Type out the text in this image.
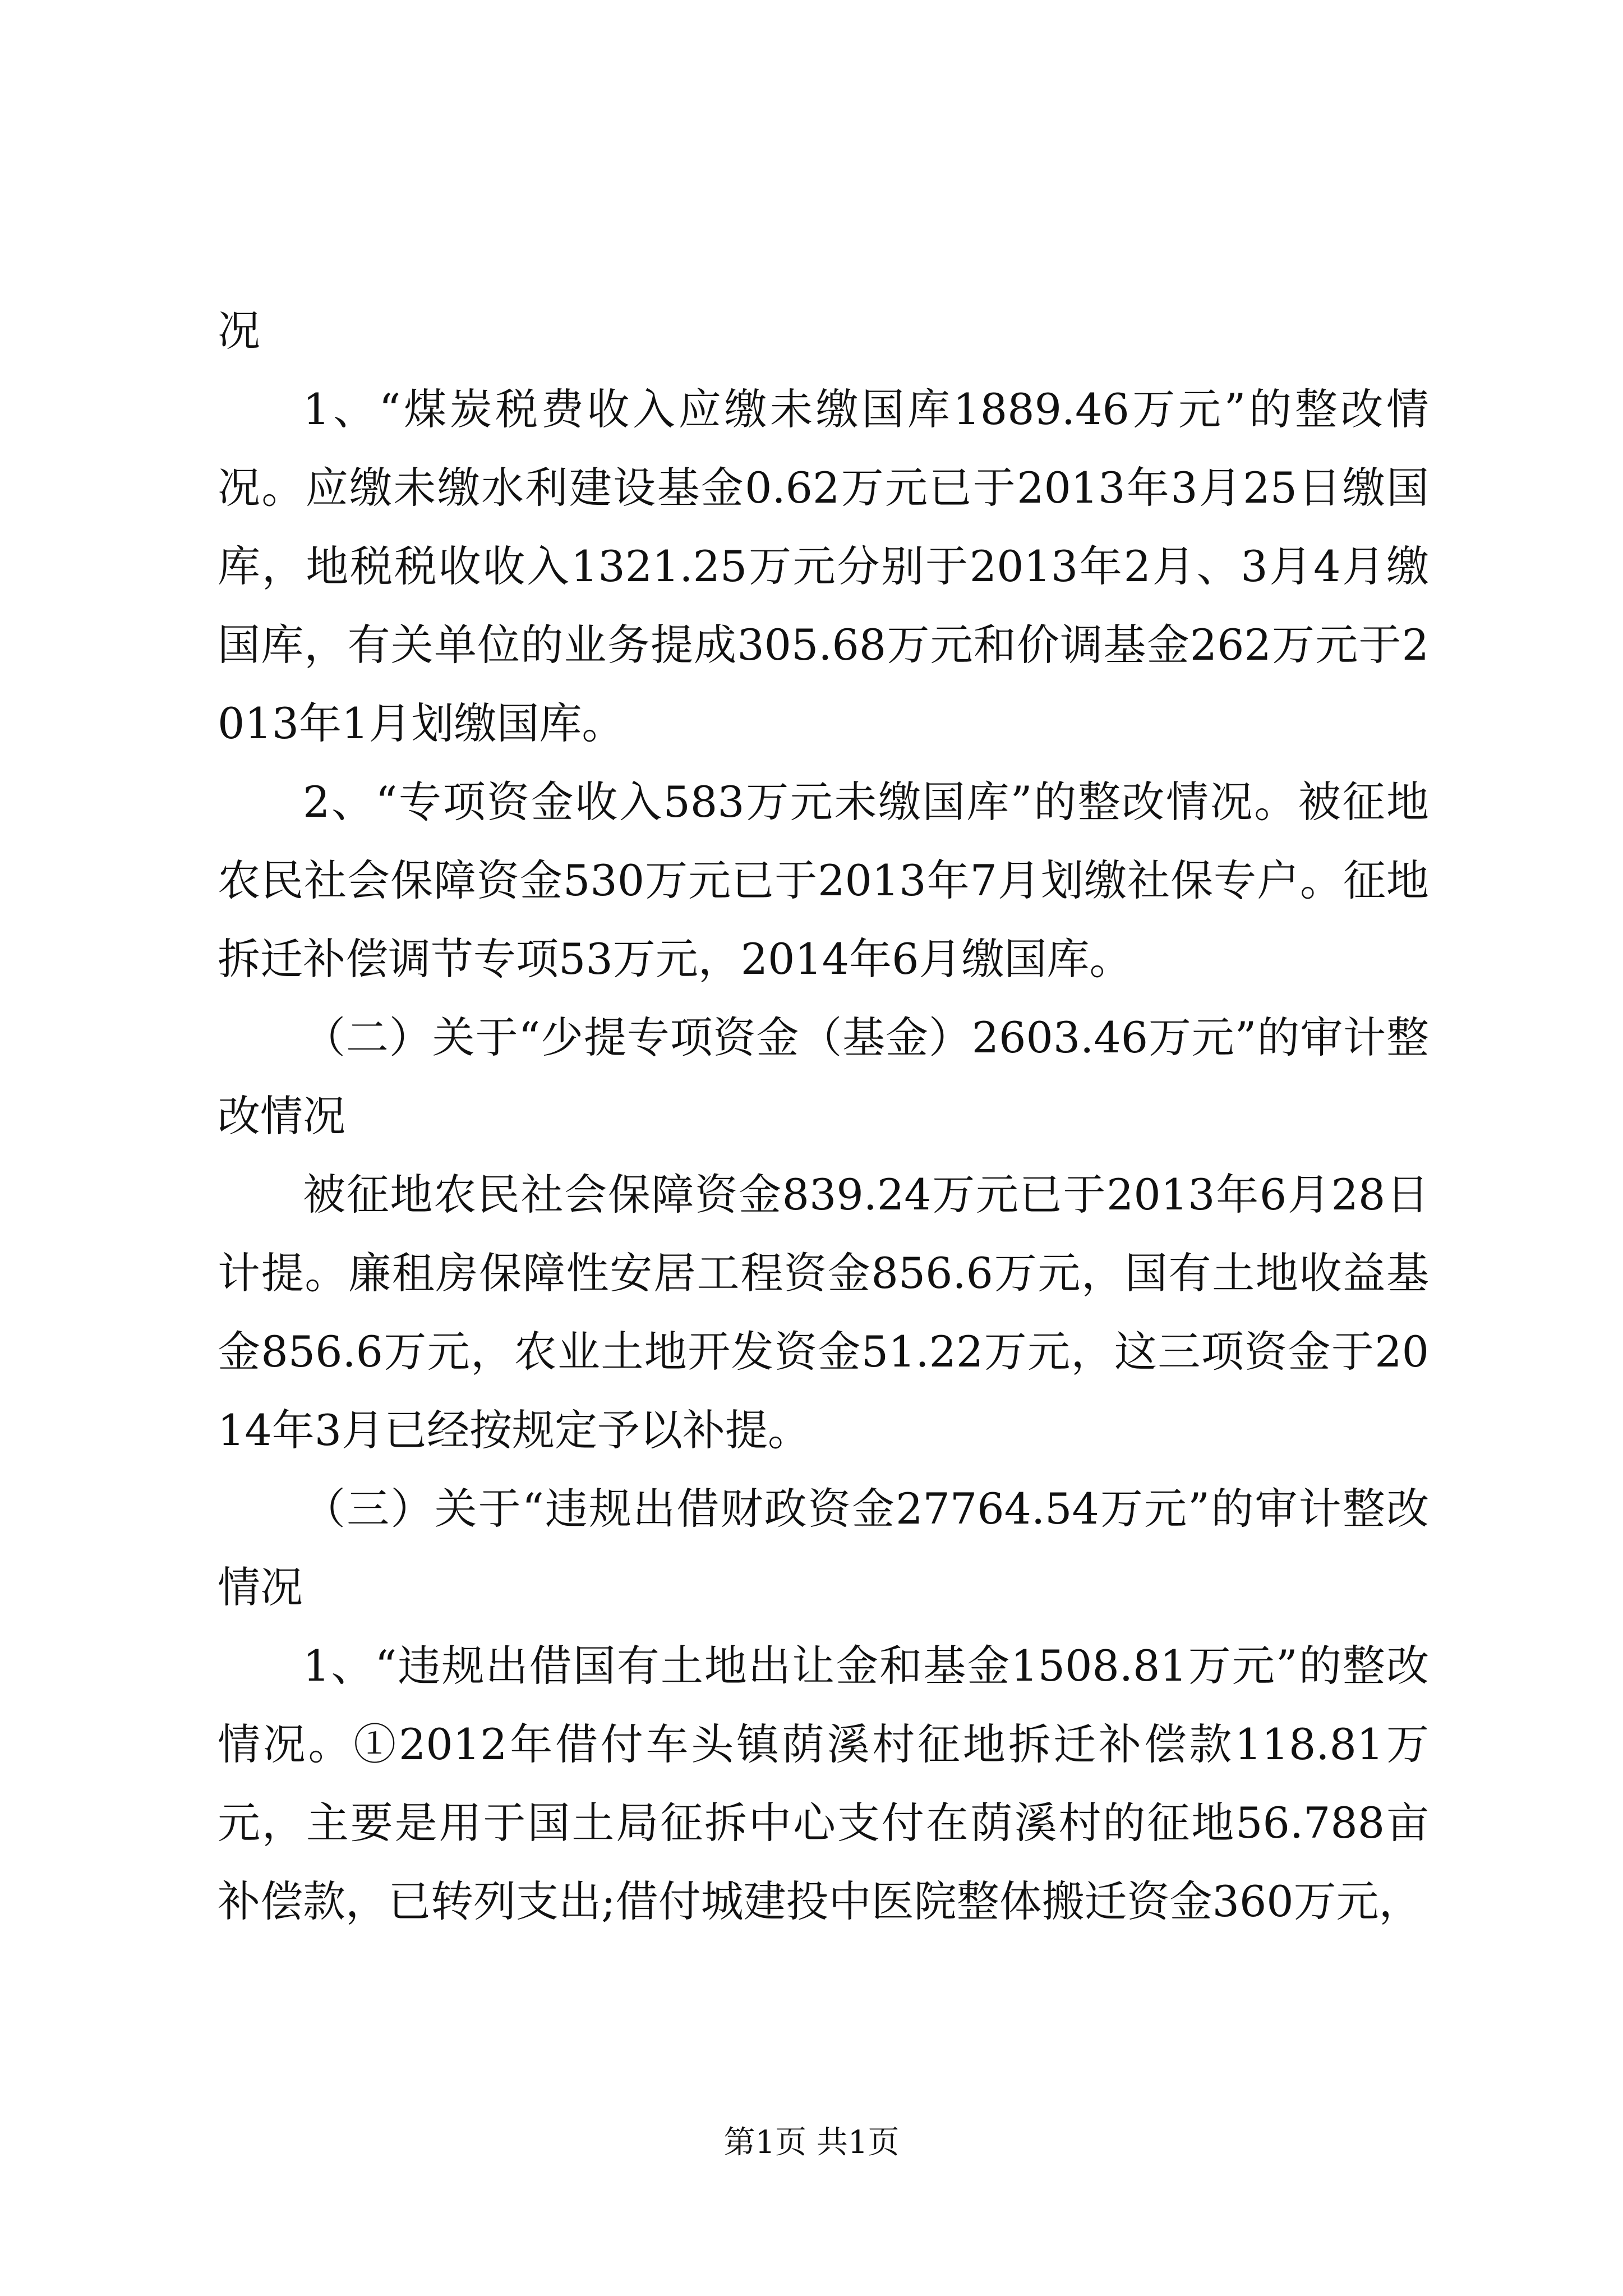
况

1、“煤炭税费收入应缴未缴国库1889.46万元”的整改情况。应缴未缴水利建设基金0.62万元已于2013年3月25日缴国库，地税税收收入1321.25万元分别于2013年2月、3月4月缴国库，有关单位的业务提成305.68万元和价调基金262万元于2013年1月划缴国库。

2、“专项资金收入583万元未缴国库”的整改情况。被征地农民社会保障资金530万元已于2013年7月划缴社保专户。征地拆迁补偿调节专项53万元，2014年6月缴国库。

（二）关于“少提专项资金（基金）2603.46万元”的审计整改情况

被征地农民社会保障资金839.24万元已于2013年6月28日计提。廉租房保障性安居工程资金856.6万元，国有土地收益基金856.6万元，农业土地开发资金51.22万元，这三项资金于2014年3月已经按规定予以补提。

（三）关于“违规出借财政资金27764.54万元”的审计整改情况

1、“违规出借国有土地出让金和基金1508.81万元”的整改情况。①2012年借付车头镇荫溪村征地拆迁补偿款118.81万元，主要是用于国土局征拆中心支付在荫溪村的征地56.788亩补偿款，已转列支出;借付城建投中医院整体搬迁资金360万元，

第1页 共1页
